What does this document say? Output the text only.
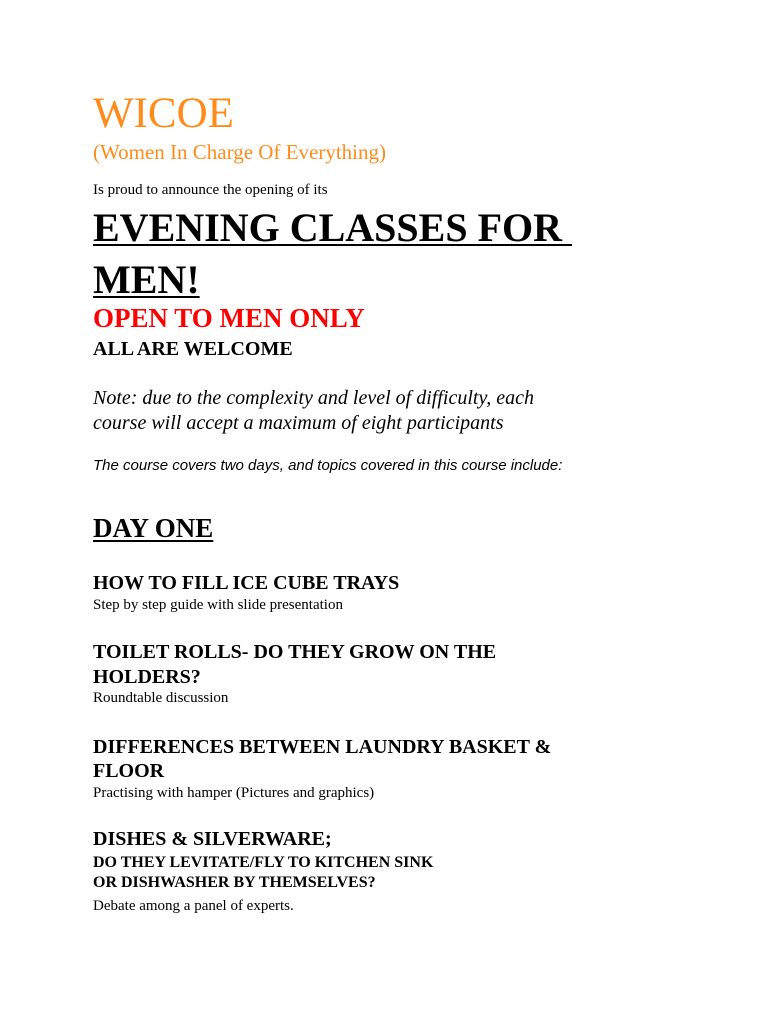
WICOE
(Women In Charge Of Everything)
Is proud to announce the opening of its
EVENING CLASSES FOR
MEN!
OPEN TO MEN ONLY
ALL ARE WELCOME
Note: due to the complexity and level of difficulty, each
course will accept a maximum of eight participants
The course covers two days, and topics covered in this course include:
DAY ONE
HOW TO FILL ICE CUBE TRAYS
Step by step guide with slide presentation
TOILET ROLLS- DO THEY GROW ON THE
HOLDERS?
Roundtable discussion
DIFFERENCES BETWEEN LAUNDRY BASKET &
FLOOR
Practising with hamper (Pictures and graphics)
DISHES & SILVERWARE;
DO THEY LEVITATE/FLY TO KITCHEN SINK
OR DISHWASHER BY THEMSELVES?
Debate among a panel of experts.
